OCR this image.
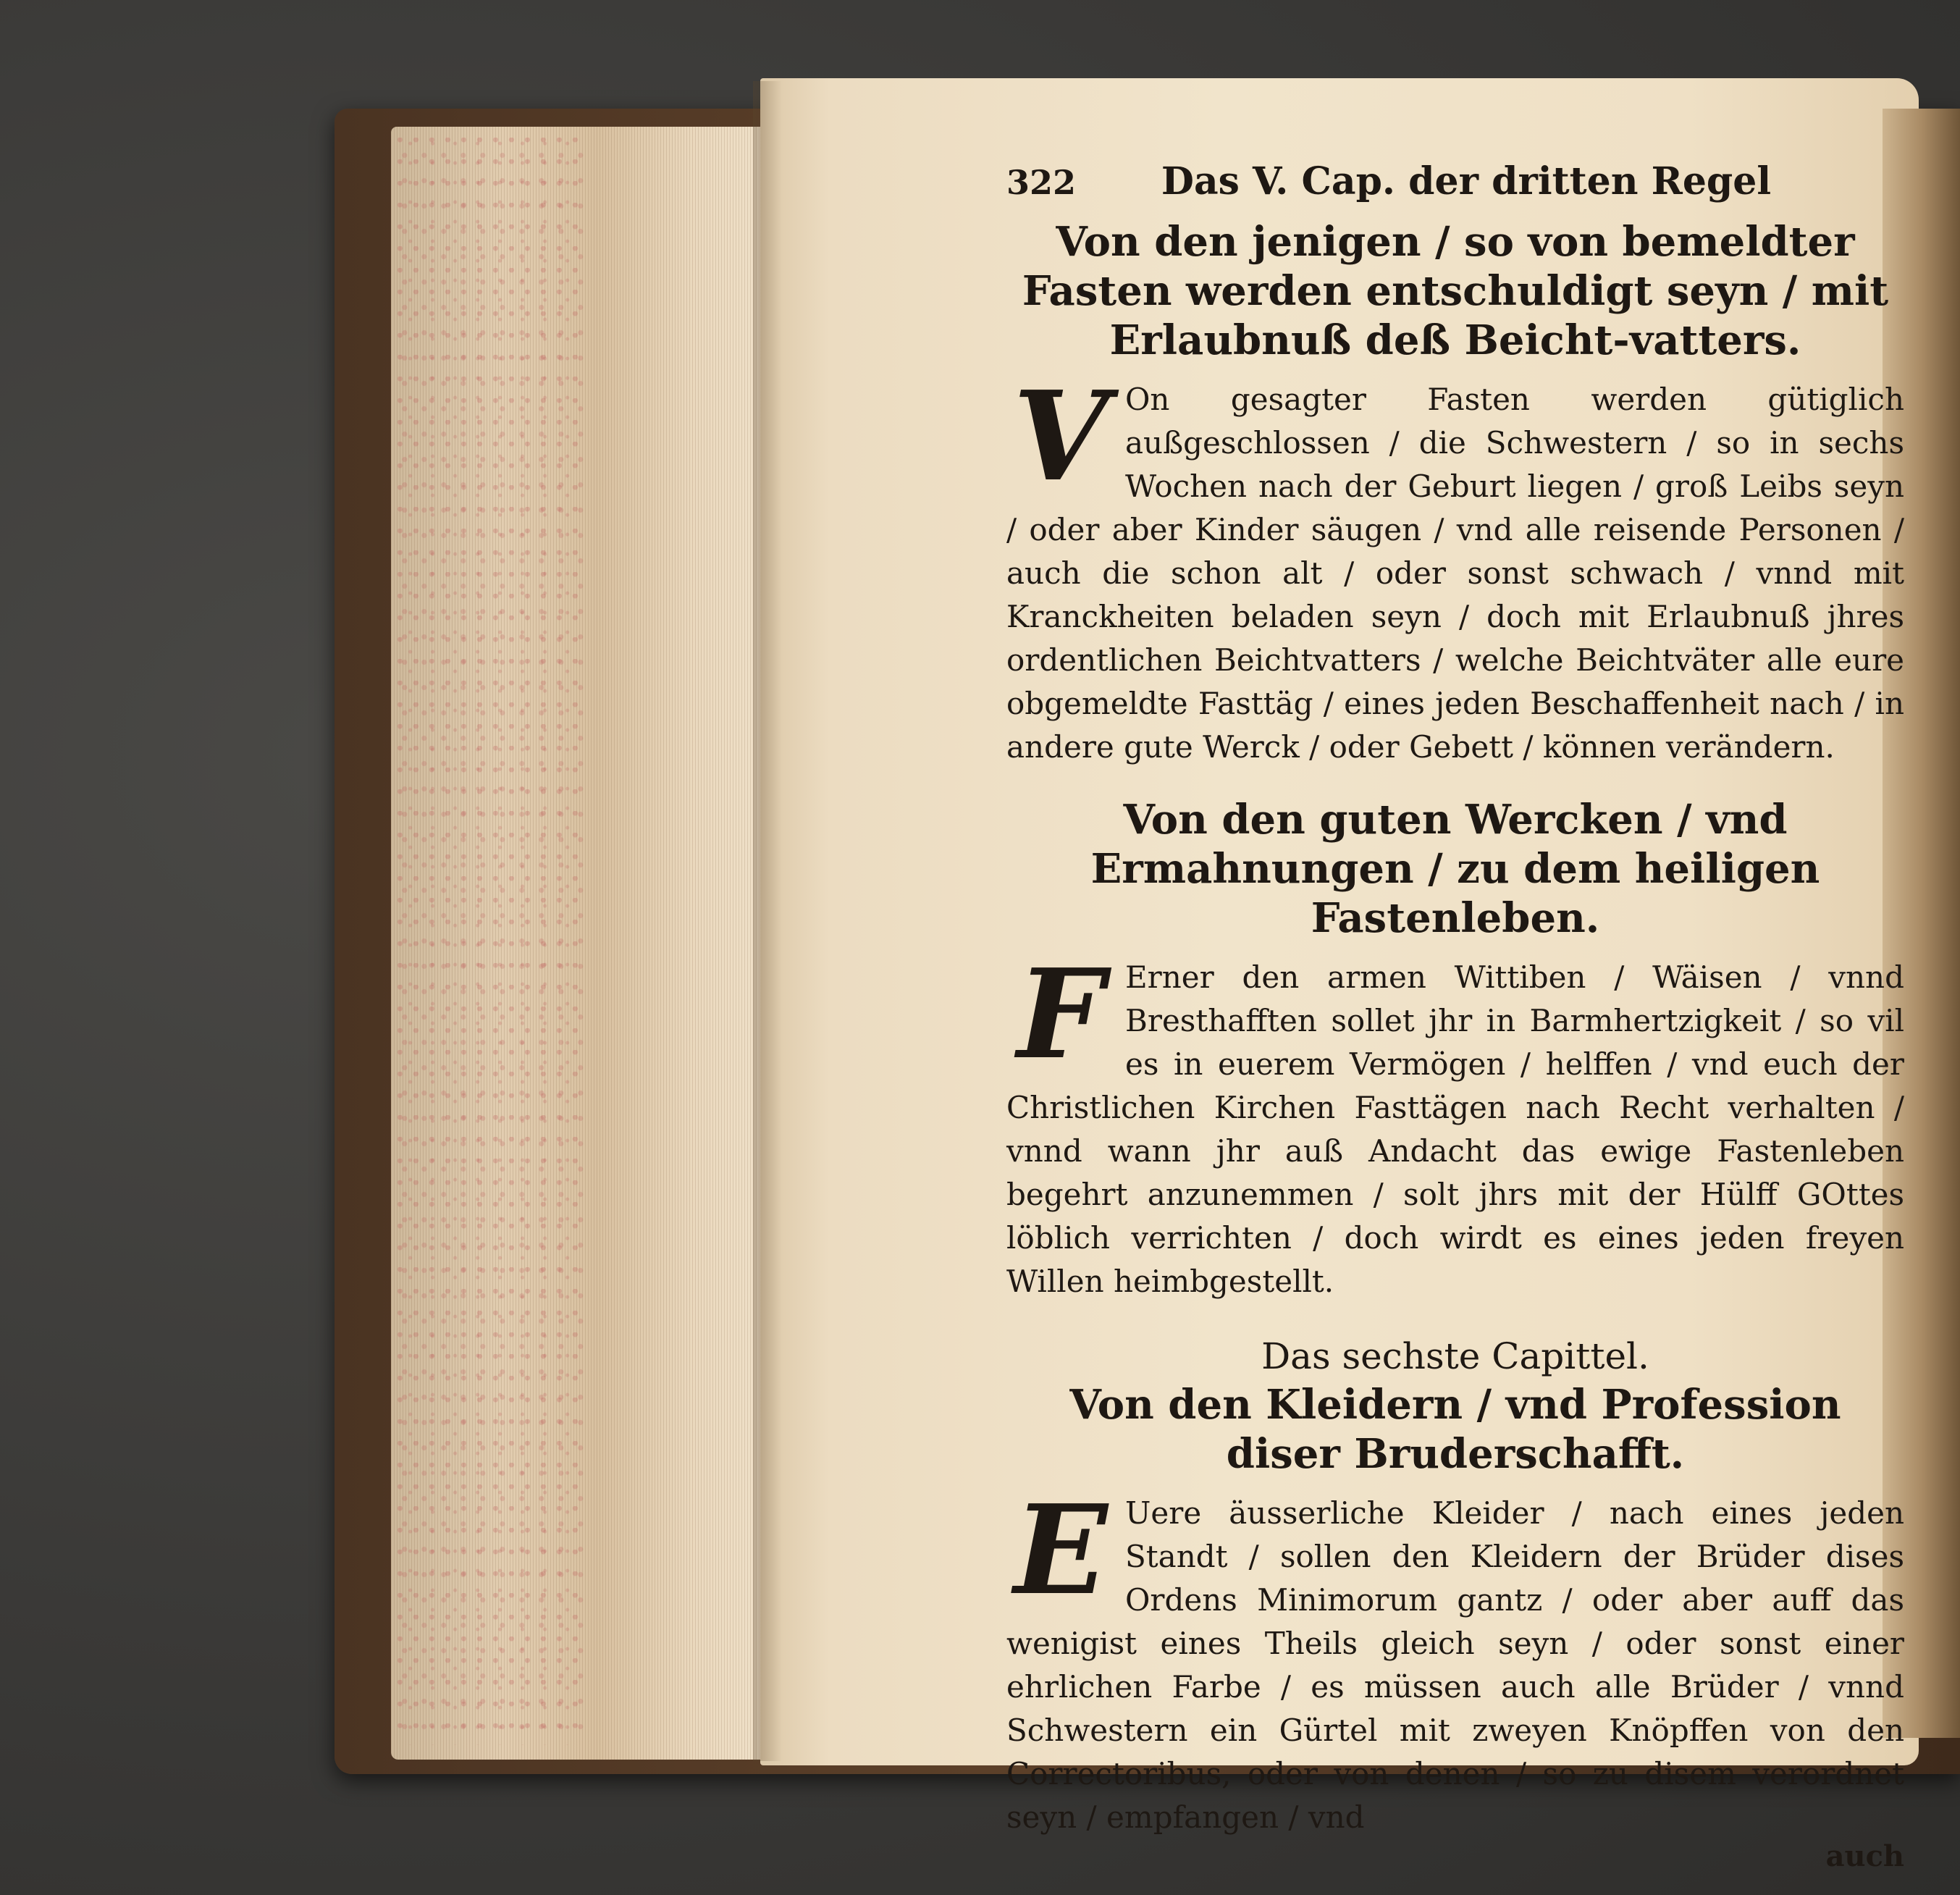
322	Das V. Cap. der dritten Regel
Von den jenigen / so von bemeldter Fasten werden entschuldigt seyn / mit Erlaubnuß deß Beicht-vatters.

V On gesagter Fasten werden gütiglich außgeschlossen / die Schwestern / so in sechs Wochen nach der Geburt liegen / groß Leibs seyn / oder aber Kinder säugen / vnd alle reisende Personen / auch die schon alt / oder sonst schwach / vnnd mit Kranckheiten beladen seyn / doch mit Erlaubnuß jhres ordentlichen Beichtvatters / welche Beichtväter alle eure obgemeldte Fasttäg / eines jeden Beschaffenheit nach / in andere gute Werck / oder Gebett / können verändern.

Von den guten Wercken / vnd Ermahnungen / zu dem heiligen Fastenleben.

F Erner den armen Wittiben / Wäisen / vnnd Bresthafften sollet jhr in Barmhertzigkeit / so vil es in euerem Vermögen / helffen / vnd euch der Christlichen Kirchen Fasttägen nach Recht verhalten / vnnd wann jhr auß Andacht das ewige Fastenleben begehrt anzunemmen / solt jhrs mit der Hülff GOttes löblich verrichten / doch wirdt es eines jeden freyen Willen heimbgestellt.

Das sechste Capittel.
Von den Kleidern / vnd Profession diser Bruderschafft.

E Uere äusserliche Kleider / nach eines jeden Standt / sollen den Kleidern der Brüder dises Ordens Minimorum gantz / oder aber auff das wenigist eines Theils gleich seyn / oder sonst einer ehrlichen Farbe / es müssen auch alle Brüder / vnnd Schwestern ein Gürtel mit zweyen Knöpffen von den Correctoribus, oder von denen / so zu disem verordnet seyn / empfangen / vnd

auch
